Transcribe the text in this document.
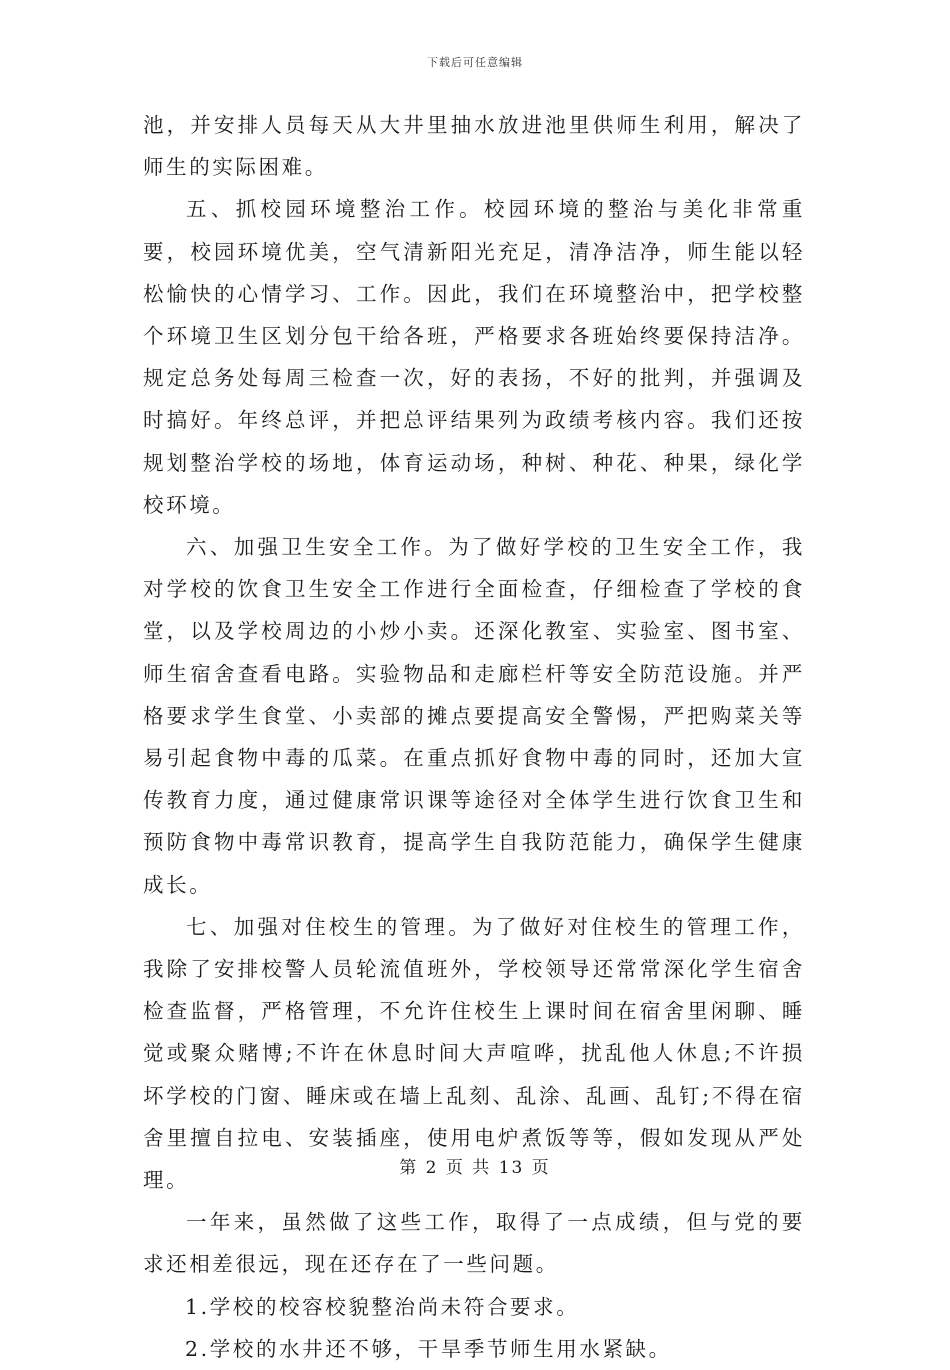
下载后可任意编辑

池，并安排人员每天从大井里抽水放进池里供师生利用，解决了师生的实际困难。

五、抓校园环境整治工作。校园环境的整治与美化非常重要，校园环境优美，空气清新阳光充足，清净洁净，师生能以轻松愉快的心情学习、工作。因此，我们在环境整治中，把学校整个环境卫生区划分包干给各班，严格要求各班始终要保持洁净。规定总务处每周三检查一次，好的表扬，不好的批判，并强调及时搞好。年终总评，并把总评结果列为政绩考核内容。我们还按规划整治学校的场地，体育运动场，种树、种花、种果，绿化学校环境。

六、加强卫生安全工作。为了做好学校的卫生安全工作，我对学校的饮食卫生安全工作进行全面检查，仔细检查了学校的食堂，以及学校周边的小炒小卖。还深化教室、实验室、图书室、师生宿舍查看电路。实验物品和走廊栏杆等安全防范设施。并严格要求学生食堂、小卖部的摊点要提高安全警惕，严把购菜关等易引起食物中毒的瓜菜。在重点抓好食物中毒的同时，还加大宣传教育力度，通过健康常识课等途径对全体学生进行饮食卫生和预防食物中毒常识教育，提高学生自我防范能力，确保学生健康成长。

七、加强对住校生的管理。为了做好对住校生的管理工作，我除了安排校警人员轮流值班外，学校领导还常常深化学生宿舍检查监督，严格管理，不允许住校生上课时间在宿舍里闲聊、睡觉或聚众赌博;不许在休息时间大声喧哗，扰乱他人休息;不许损坏学校的门窗、睡床或在墙上乱刻、乱涂、乱画、乱钉;不得在宿舍里擅自拉电、安装插座，使用电炉煮饭等等，假如发现从严处理。

一年来，虽然做了这些工作，取得了一点成绩，但与党的要求还相差很远，现在还存在了一些问题。

1.学校的校容校貌整治尚未符合要求。

2.学校的水井还不够，干旱季节师生用水紧缺。

第 2 页 共 13 页
